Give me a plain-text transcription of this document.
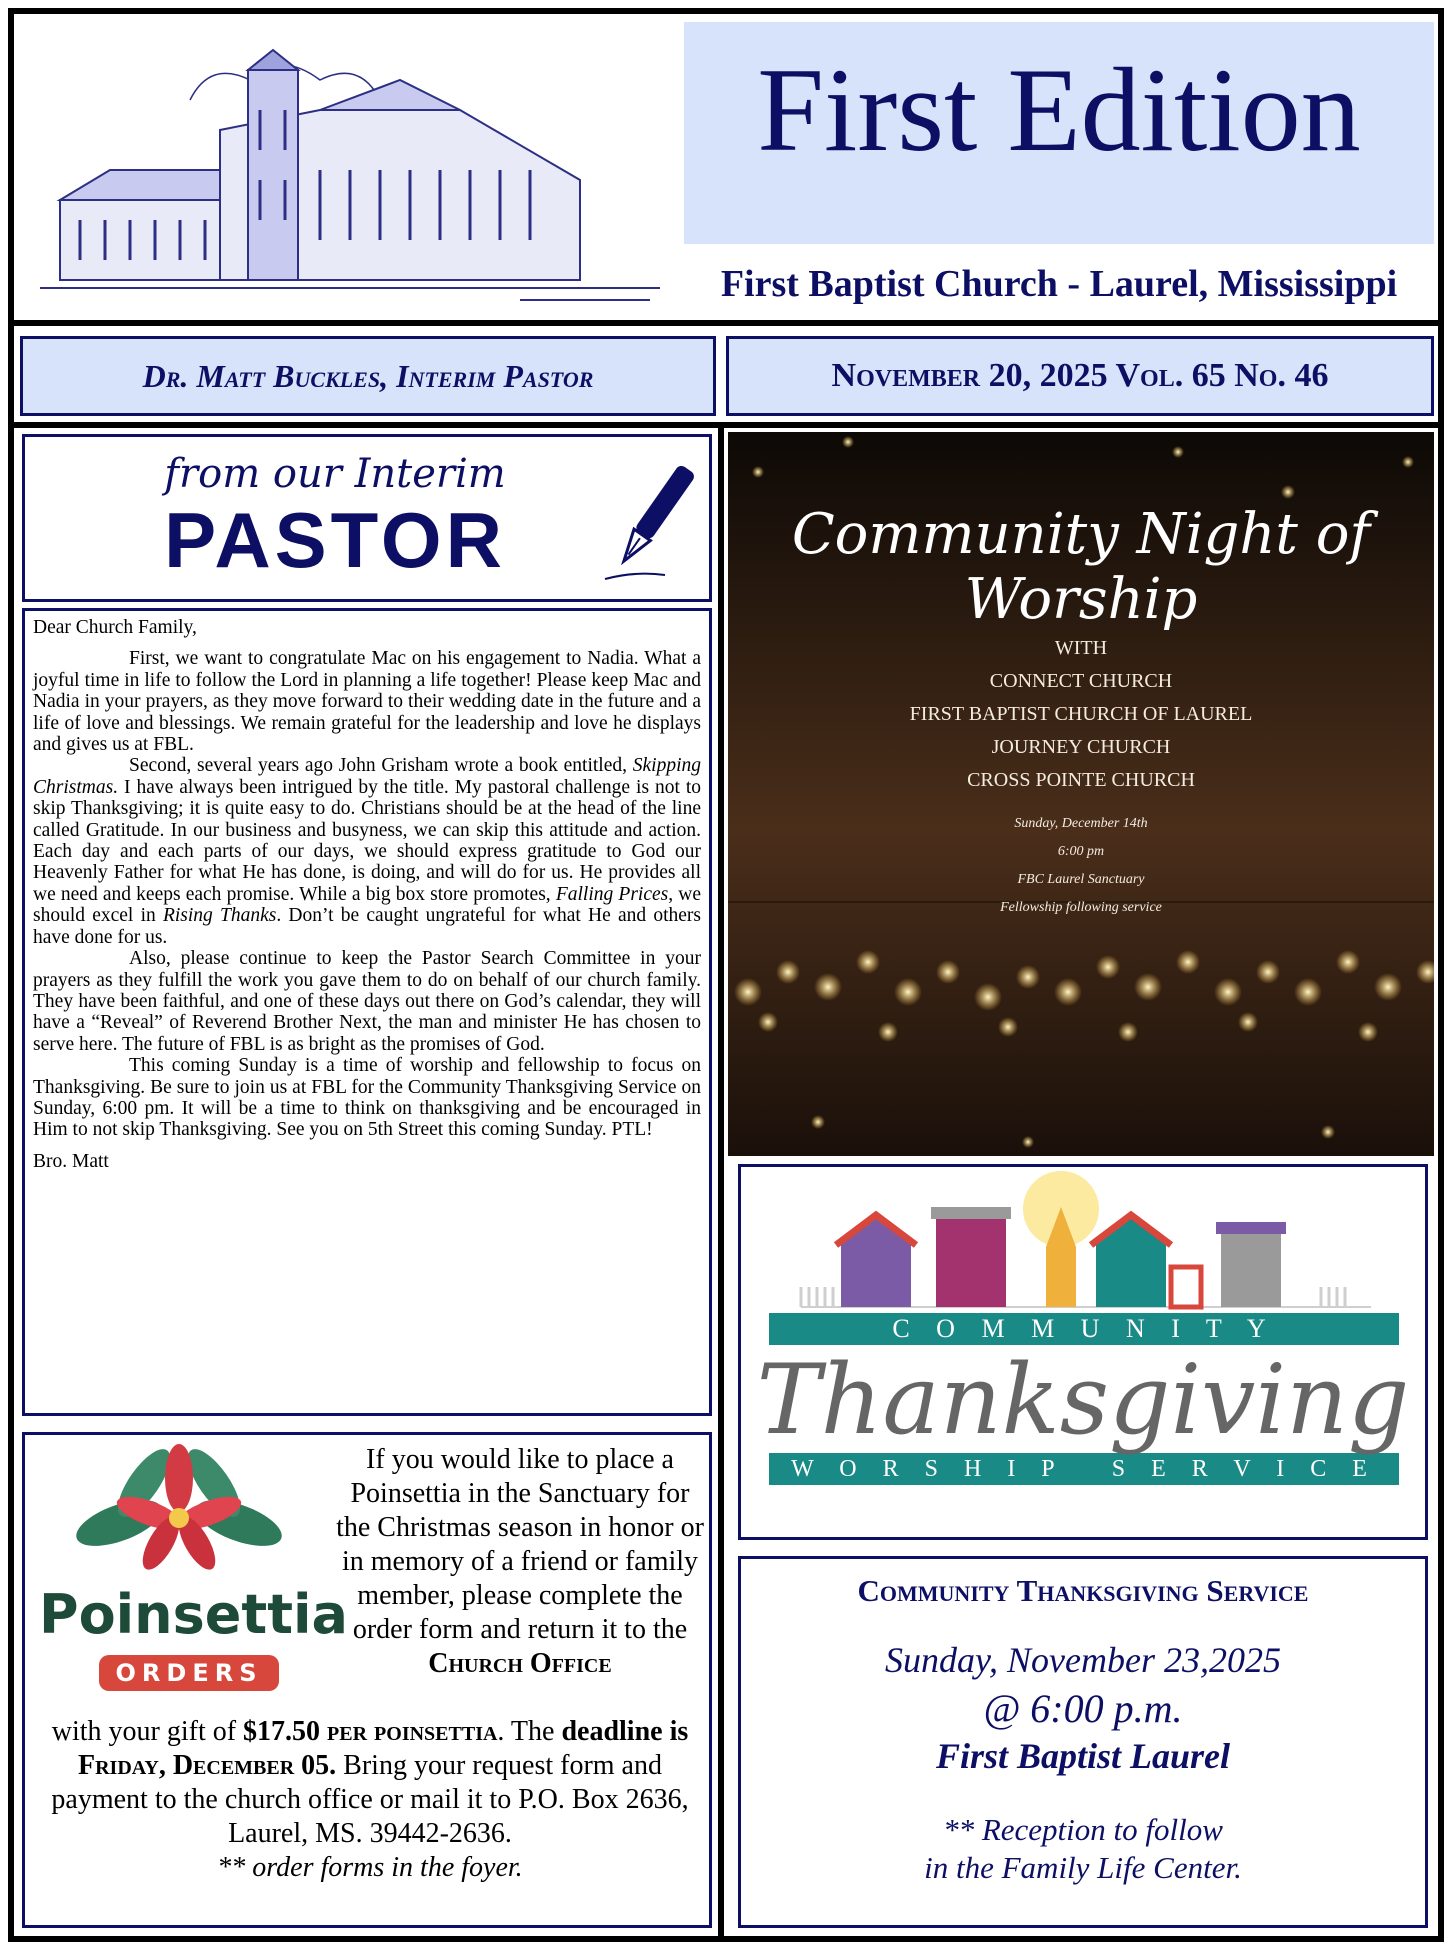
First Edition
First Baptist Church - Laurel, Mississippi
Dr. Matt Buckles, Interim Pastor	November 20, 2025 Vol. 65 No. 46
from our Interim
PASTOR

Dear Church Family,

First, we want to congratulate Mac on his engagement to Nadia. What a joyful time in life to follow the Lord in planning a life together! Please keep Mac and Nadia in your prayers, as they move forward to their wedding date in the future and a life of love and blessings. We remain grateful for the leadership and love he displays and gives us at FBL.

Second, several years ago John Grisham wrote a book entitled, Skipping Christmas. I have always been intrigued by the title. My pastoral challenge is not to skip Thanksgiving; it is quite easy to do. Christians should be at the head of the line called Gratitude. In our business and busyness, we can skip this attitude and action. Each day and each parts of our days, we should express gratitude to God our Heavenly Father for what He has done, is doing, and will do for us. He provides all we need and keeps each promise. While a big box store promotes, Falling Prices, we should excel in Rising Thanks. Don’t be caught ungrateful for what He and others have done for us.

Also, please continue to keep the Pastor Search Committee in your prayers as they fulfill the work you gave them to do on behalf of our church family. They have been faithful, and one of these days out there on God’s calendar, they will have a “Reveal” of Reverend Brother Next, the man and minister He has chosen to serve here. The future of FBL is as bright as the promises of God.

This coming Sunday is a time of worship and fellowship to focus on Thanksgiving. Be sure to join us at FBL for the Community Thanksgiving Service on Sunday, 6:00 pm. It will be a time to think on thanksgiving and be encouraged in Him to not skip Thanksgiving. See you on 5th Street this coming Sunday. PTL!

Bro. Matt

Poinsettia
ORDERS
If you would like to place a Poinsettia in the Sanctuary for the Christmas season in honor or in memory of a friend or family member, please complete the order form and return it to the Church Office
with your gift of $17.50 per poinsettia. The deadline is Friday, December 05. Bring your request form and payment to the church office or mail it to P.O. Box 2636, Laurel, MS. 39442-2636.
** order forms in the foyer.
Community Night of Worship
WITH
CONNECT CHURCH
FIRST BAPTIST CHURCH OF LAUREL
JOURNEY CHURCH
CROSS POINTE CHURCH
Sunday, December 14th
6:00 pm
FBC Laurel Sanctuary
Fellowship following service
C O M M U N I T Y
Thanksgiving
W O R S H I P   S E R V I C E
Community Thanksgiving Service
Sunday, November 23,2025
@ 6:00 p.m.
First Baptist Laurel
** Reception to follow
in the Family Life Center.
